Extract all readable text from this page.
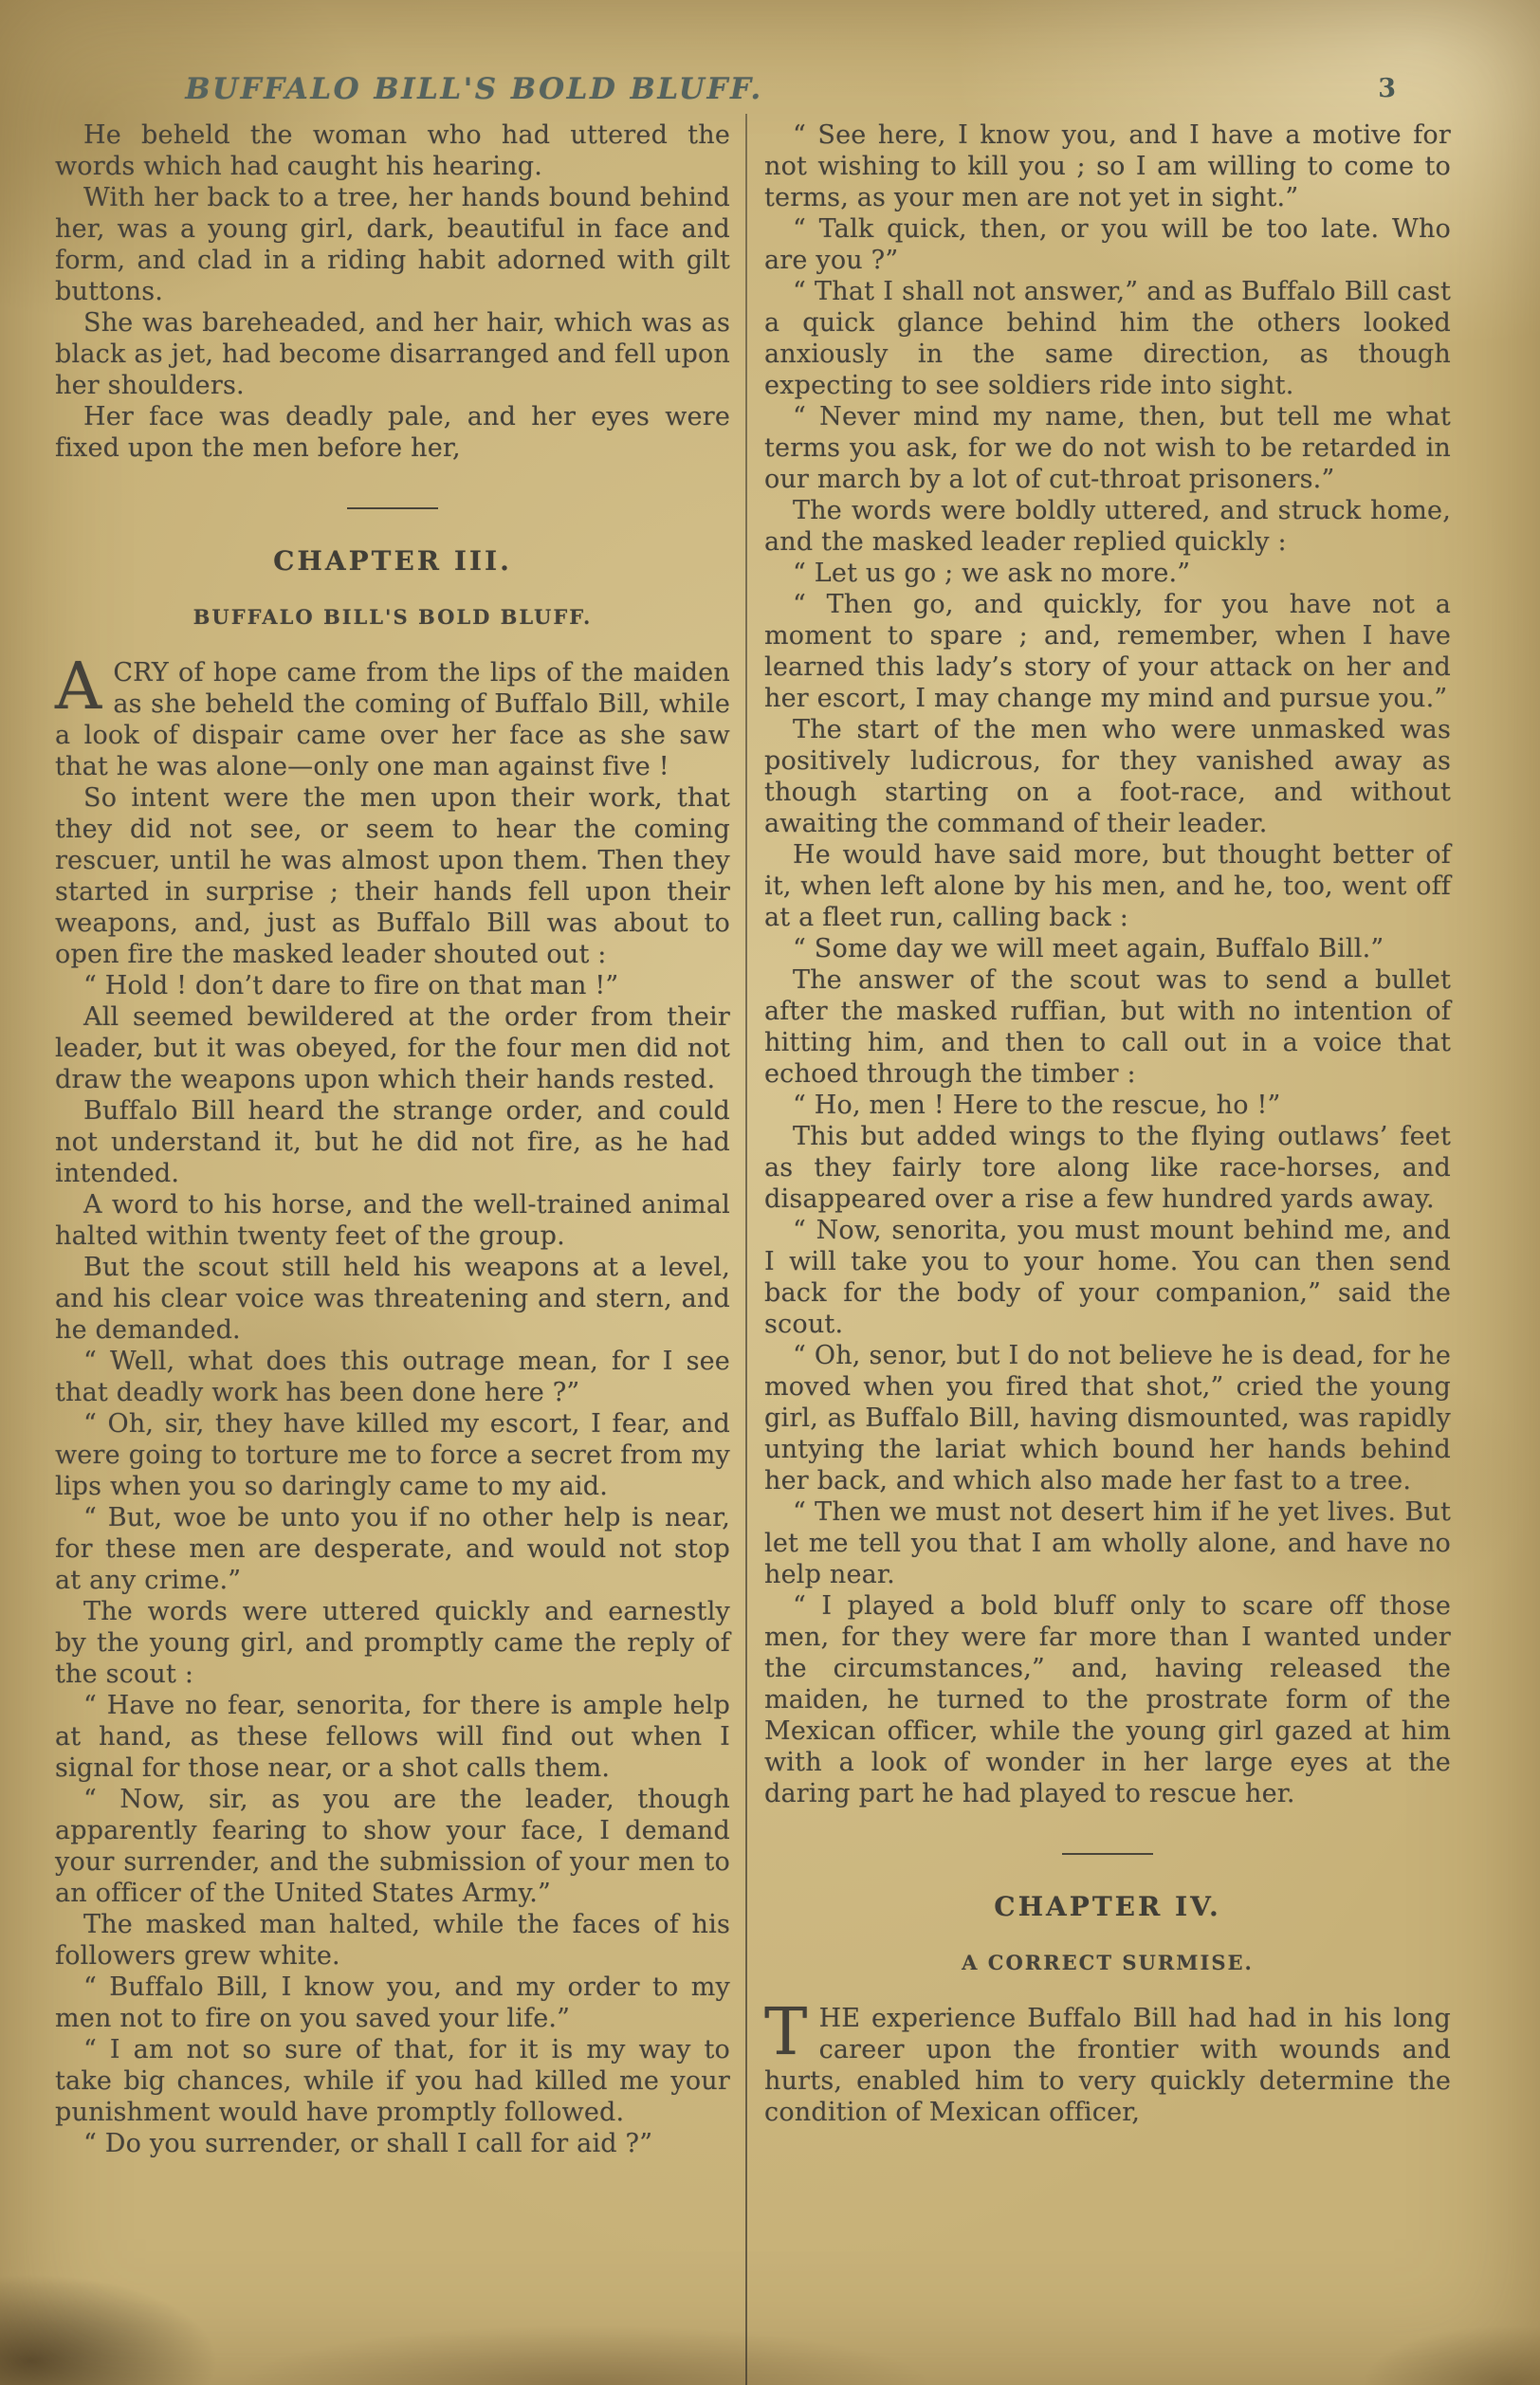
BUFFALO BILL'S BOLD BLUFF.	3

He beheld the woman who had uttered the words which had caught his hearing.

With her back to a tree, her hands bound behind her, was a young girl, dark, beautiful in face and form, and clad in a riding habit adorned with gilt buttons.

She was bareheaded, and her hair, which was as black as jet, had become disarranged and fell upon her shoulders.

Her face was deadly pale, and her eyes were fixed upon the men before her,

CHAPTER III.
BUFFALO BILL'S BOLD BLUFF.

ACRY of hope came from the lips of the maiden as she beheld the coming of Buffalo Bill, while a look of dispair came over her face as she saw that he was alone—only one man against five !

So intent were the men upon their work, that they did not see, or seem to hear the coming rescuer, until he was almost upon them. Then they started in surprise ; their hands fell upon their weapons, and, just as Buffalo Bill was about to open fire the masked leader shouted out :

“ Hold ! don’t dare to fire on that man !”

All seemed bewildered at the order from their leader, but it was obeyed, for the four men did not draw the weapons upon which their hands rested.

Buffalo Bill heard the strange order, and could not understand it, but he did not fire, as he had intended.

A word to his horse, and the well-trained animal halted within twenty feet of the group.

But the scout still held his weapons at a level, and his clear voice was threatening and stern, and he demanded.

“ Well, what does this outrage mean, for I see that deadly work has been done here ?”

“ Oh, sir, they have killed my escort, I fear, and were going to torture me to force a secret from my lips when you so daringly came to my aid.

“ But, woe be unto you if no other help is near, for these men are desperate, and would not stop at any crime.”

The words were uttered quickly and earnestly by the young girl, and promptly came the reply of the scout :

“ Have no fear, senorita, for there is ample help at hand, as these fellows will find out when I signal for those near, or a shot calls them.

“ Now, sir, as you are the leader, though apparently fearing to show your face, I demand your surrender, and the submission of your men to an officer of the United States Army.”

The masked man halted, while the faces of his followers grew white.

“ Buffalo Bill, I know you, and my order to my men not to fire on you saved your life.”

“ I am not so sure of that, for it is my way to take big chances, while if you had killed me your punishment would have promptly followed.

“ Do you surrender, or shall I call for aid ?”

“ See here, I know you, and I have a motive for not wishing to kill you ; so I am willing to come to terms, as your men are not yet in sight.”

“ Talk quick, then, or you will be too late. Who are you ?”

“ That I shall not answer,” and as Buffalo Bill cast a quick glance behind him the others looked anxiously in the same direction, as though expecting to see soldiers ride into sight.

“ Never mind my name, then, but tell me what terms you ask, for we do not wish to be retarded in our march by a lot of cut-throat prisoners.”

The words were boldly uttered, and struck home, and the masked leader replied quickly :

“ Let us go ; we ask no more.”

“ Then go, and quickly, for you have not a moment to spare ; and, remember, when I have learned this lady’s story of your attack on her and her escort, I may change my mind and pursue you.”

The start of the men who were unmasked was positively ludicrous, for they vanished away as though starting on a foot-race, and without awaiting the command of their leader.

He would have said more, but thought better of it, when left alone by his men, and he, too, went off at a fleet run, calling back :

“ Some day we will meet again, Buffalo Bill.”

The answer of the scout was to send a bullet after the masked ruffian, but with no intention of hitting him, and then to call out in a voice that echoed through the timber :

“ Ho, men ! Here to the rescue, ho !”

This but added wings to the flying outlaws’ feet as they fairly tore along like race-horses, and disappeared over a rise a few hundred yards away.

“ Now, senorita, you must mount behind me, and I will take you to your home. You can then send back for the body of your companion,” said the scout.

“ Oh, senor, but I do not believe he is dead, for he moved when you fired that shot,” cried the young girl, as Buffalo Bill, having dismounted, was rapidly untying the lariat which bound her hands behind her back, and which also made her fast to a tree.

“ Then we must not desert him if he yet lives. But let me tell you that I am wholly alone, and have no help near.

“ I played a bold bluff only to scare off those men, for they were far more than I wanted under the circumstances,” and, having released the maiden, he turned to the prostrate form of the Mexican officer, while the young girl gazed at him with a look of wonder in her large eyes at the daring part he had played to rescue her.

CHAPTER IV.
A CORRECT SURMISE.

THE experience Buffalo Bill had had in his long career upon the frontier with wounds and hurts, enabled him to very quickly determine the condition of Mexican officer,
